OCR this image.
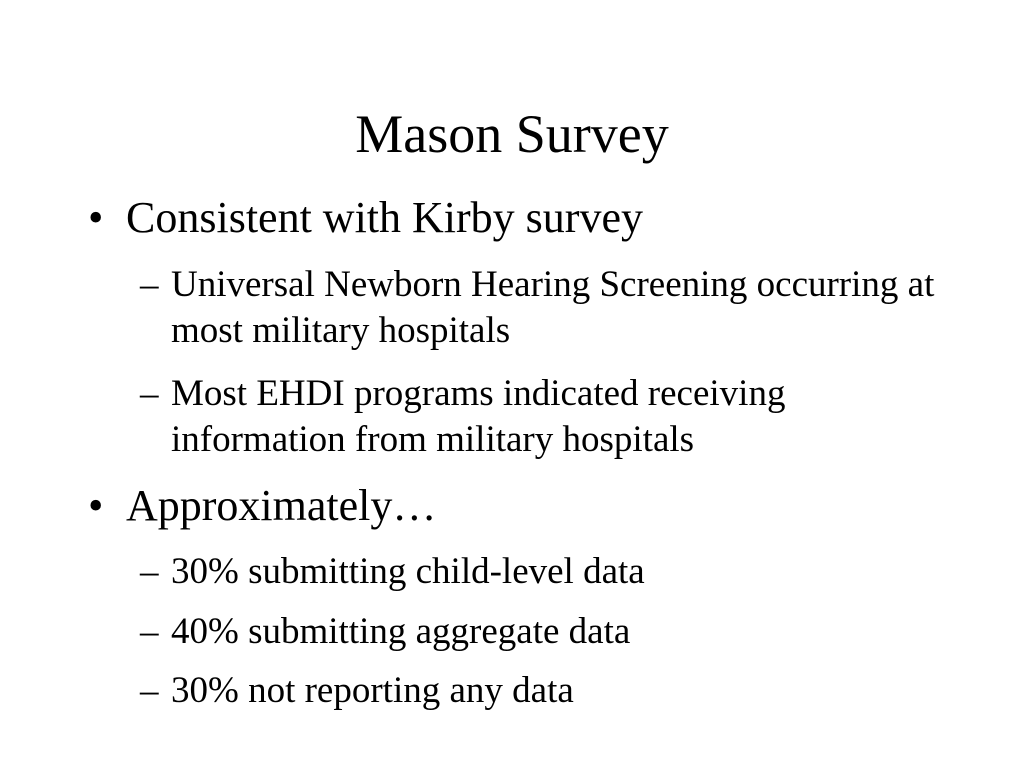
Mason Survey
• Consistent with Kirby survey
– Universal Newborn Hearing Screening occurring at most military hospitals
– Most EHDI programs indicated receiving information from military hospitals
• Approximately…
– 30% submitting child-level data
– 40% submitting aggregate data
– 30% not reporting any data
